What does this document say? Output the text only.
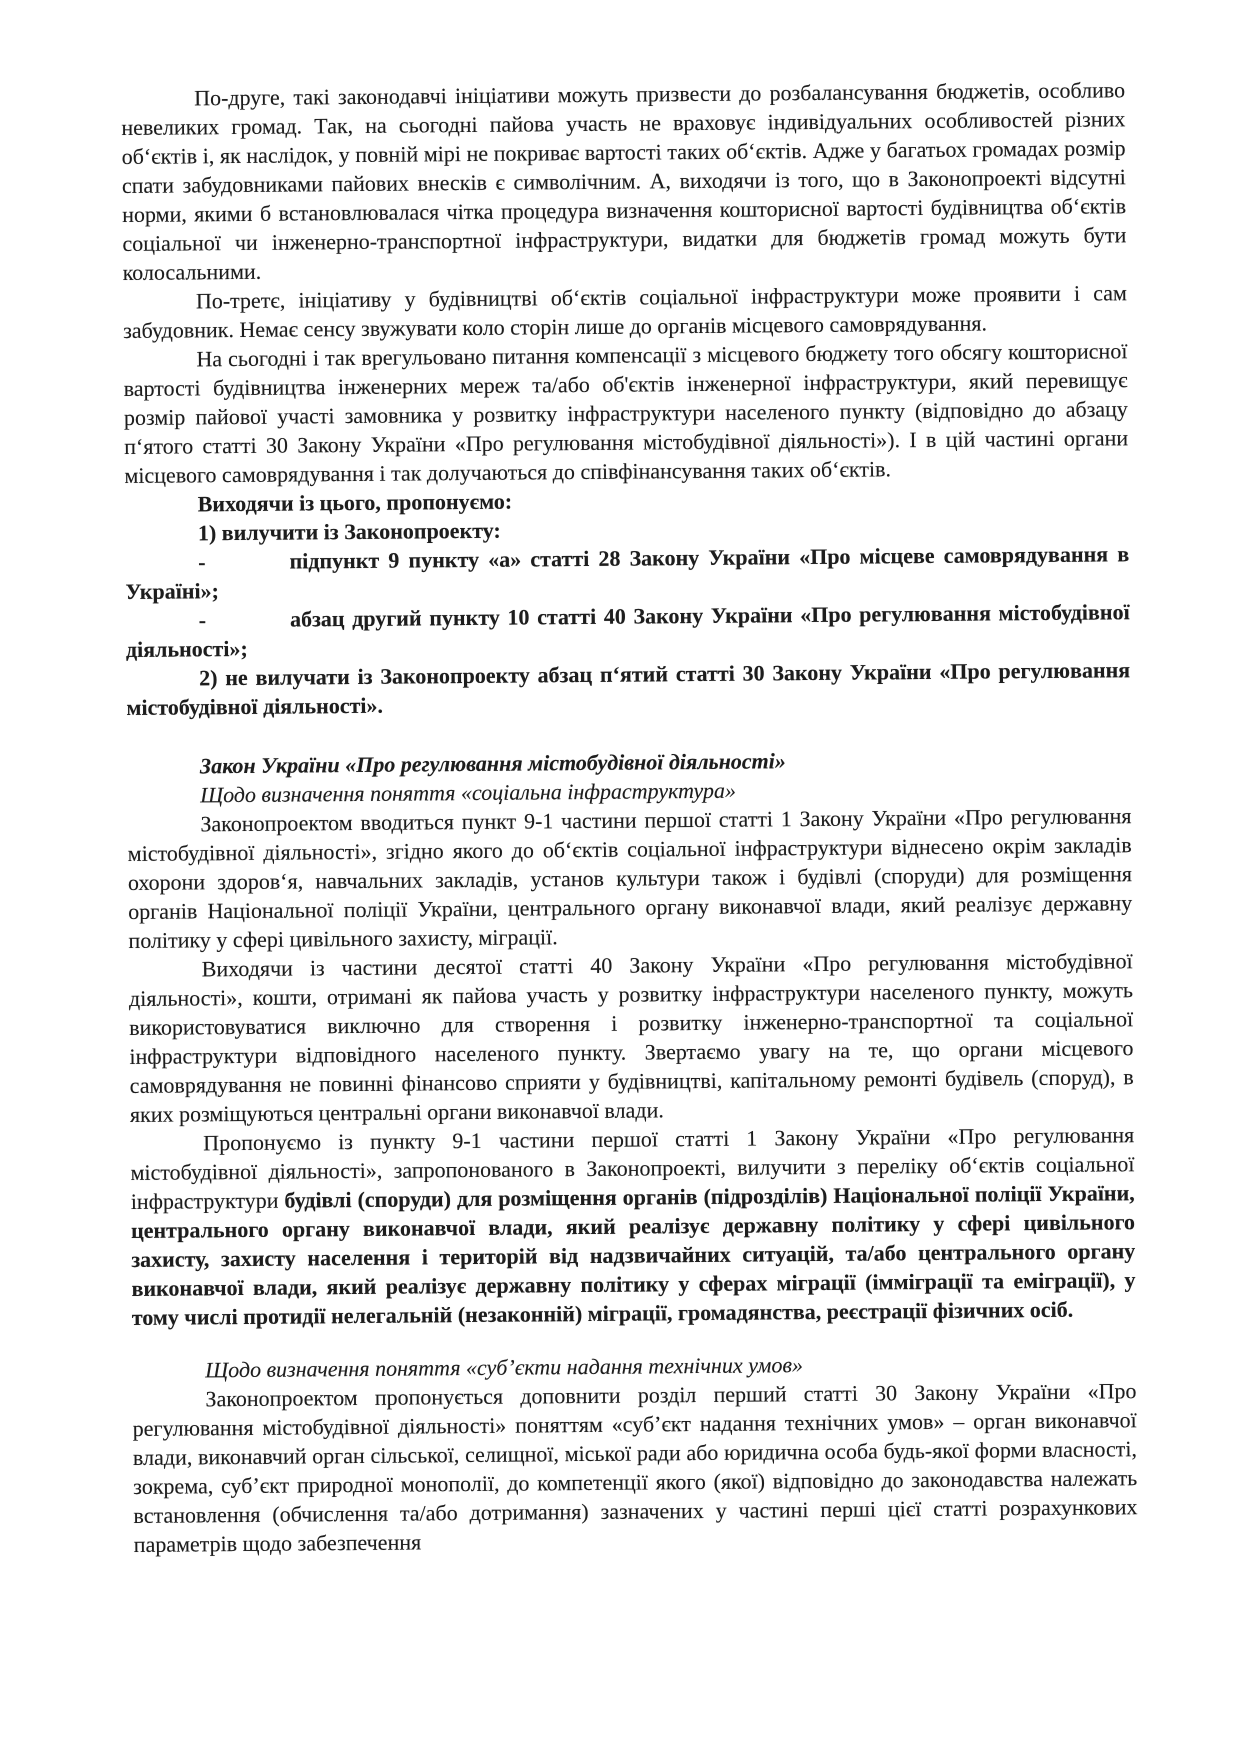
По-друге, такі законодавчі ініціативи можуть призвести до розбалансування бюджетів, особливо невеликих громад. Так, на сьогодні пайова участь не враховує індивідуальних особливостей різних об‘єктів і, як наслідок, у повній мірі не покриває вартості таких об‘єктів. Адже у багатьох громадах розмір спати забудовниками пайових внесків є символічним. А, виходячи із того, що в Законопроекті відсутні норми, якими б встановлювалася чітка процедура визначення кошторисної вартості будівництва об‘єктів соціальної чи інженерно-транспортної інфраструктури, видатки для бюджетів громад можуть бути колосальними.

По-третє, ініціативу у будівництві об‘єктів соціальної інфраструктури може проявити і сам забудовник. Немає сенсу звужувати коло сторін лише до органів місцевого самоврядування.

На сьогодні і так врегульовано питання компенсації з місцевого бюджету того обсягу кошторисної вартості будівництва інженерних мереж та/або об'єктів інженерної інфраструктури, який перевищує розмір пайової участі замовника у розвитку інфраструктури населеного пункту (відповідно до абзацу п‘ятого статті 30 Закону України «Про регулювання містобудівної діяльності»). І в цій частині органи місцевого самоврядування і так долучаються до співфінансування таких об‘єктів.

Виходячи із цього, пропонуємо:

1) вилучити із Законопроекту:

-	підпункт 9 пункту «а» статті 28 Закону України «Про місцеве самоврядування в Україні»;

-	абзац другий пункту 10 статті 40 Закону України «Про регулювання містобудівної діяльності»;

2) не вилучати із Законопроекту абзац п‘ятий статті 30 Закону України «Про регулювання містобудівної діяльності».

Закон України «Про регулювання містобудівної діяльності»

Щодо визначення поняття «соціальна інфраструктура»

Законопроектом вводиться пункт 9-1 частини першої статті 1 Закону України «Про регулювання містобудівної діяльності», згідно якого до об‘єктів соціальної інфраструктури віднесено окрім закладів охорони здоров‘я, навчальних закладів, установ культури також і будівлі (споруди) для розміщення органів Національної поліції України, центрального органу виконавчої влади, який реалізує державну політику у сфері цивільного захисту, міграції.

Виходячи із частини десятої статті 40 Закону України «Про регулювання містобудівної діяльності», кошти, отримані як пайова участь у розвитку інфраструктури населеного пункту, можуть використовуватися виключно для створення і розвитку інженерно-транспортної та соціальної інфраструктури відповідного населеного пункту. Звертаємо увагу на те, що органи місцевого самоврядування не повинні фінансово сприяти у будівництві, капітальному ремонті будівель (споруд), в яких розміщуються центральні органи виконавчої влади.

Пропонуємо із пункту 9-1 частини першої статті 1 Закону України «Про регулювання містобудівної діяльності», запропонованого в Законопроекті, вилучити з переліку об‘єктів соціальної інфраструктури будівлі (споруди) для розміщення органів (підрозділів) Національної поліції України, центрального органу виконавчої влади, який реалізує державну політику у сфері цивільного захисту, захисту населення і територій від надзвичайних ситуацій, та/або центрального органу виконавчої влади, який реалізує державну політику у сферах міграції (імміграції та еміграції), у тому числі протидії нелегальній (незаконній) міграції, громадянства, реєстрації фізичних осіб.

Щодо визначення поняття «суб’єкти надання технічних умов»

Законопроектом пропонується доповнити розділ перший статті 30 Закону України «Про регулювання містобудівної діяльності» поняттям «суб’єкт надання технічних умов» – орган виконавчої влади, виконавчий орган сільської, селищної, міської ради або юридична особа будь-якої форми власності, зокрема, суб’єкт природної монополії, до компетенції якого (якої) відповідно до законодавства належать встановлення (обчислення та/або дотримання) зазначених у частині перші цієї статті розрахункових параметрів щодо забезпечення
